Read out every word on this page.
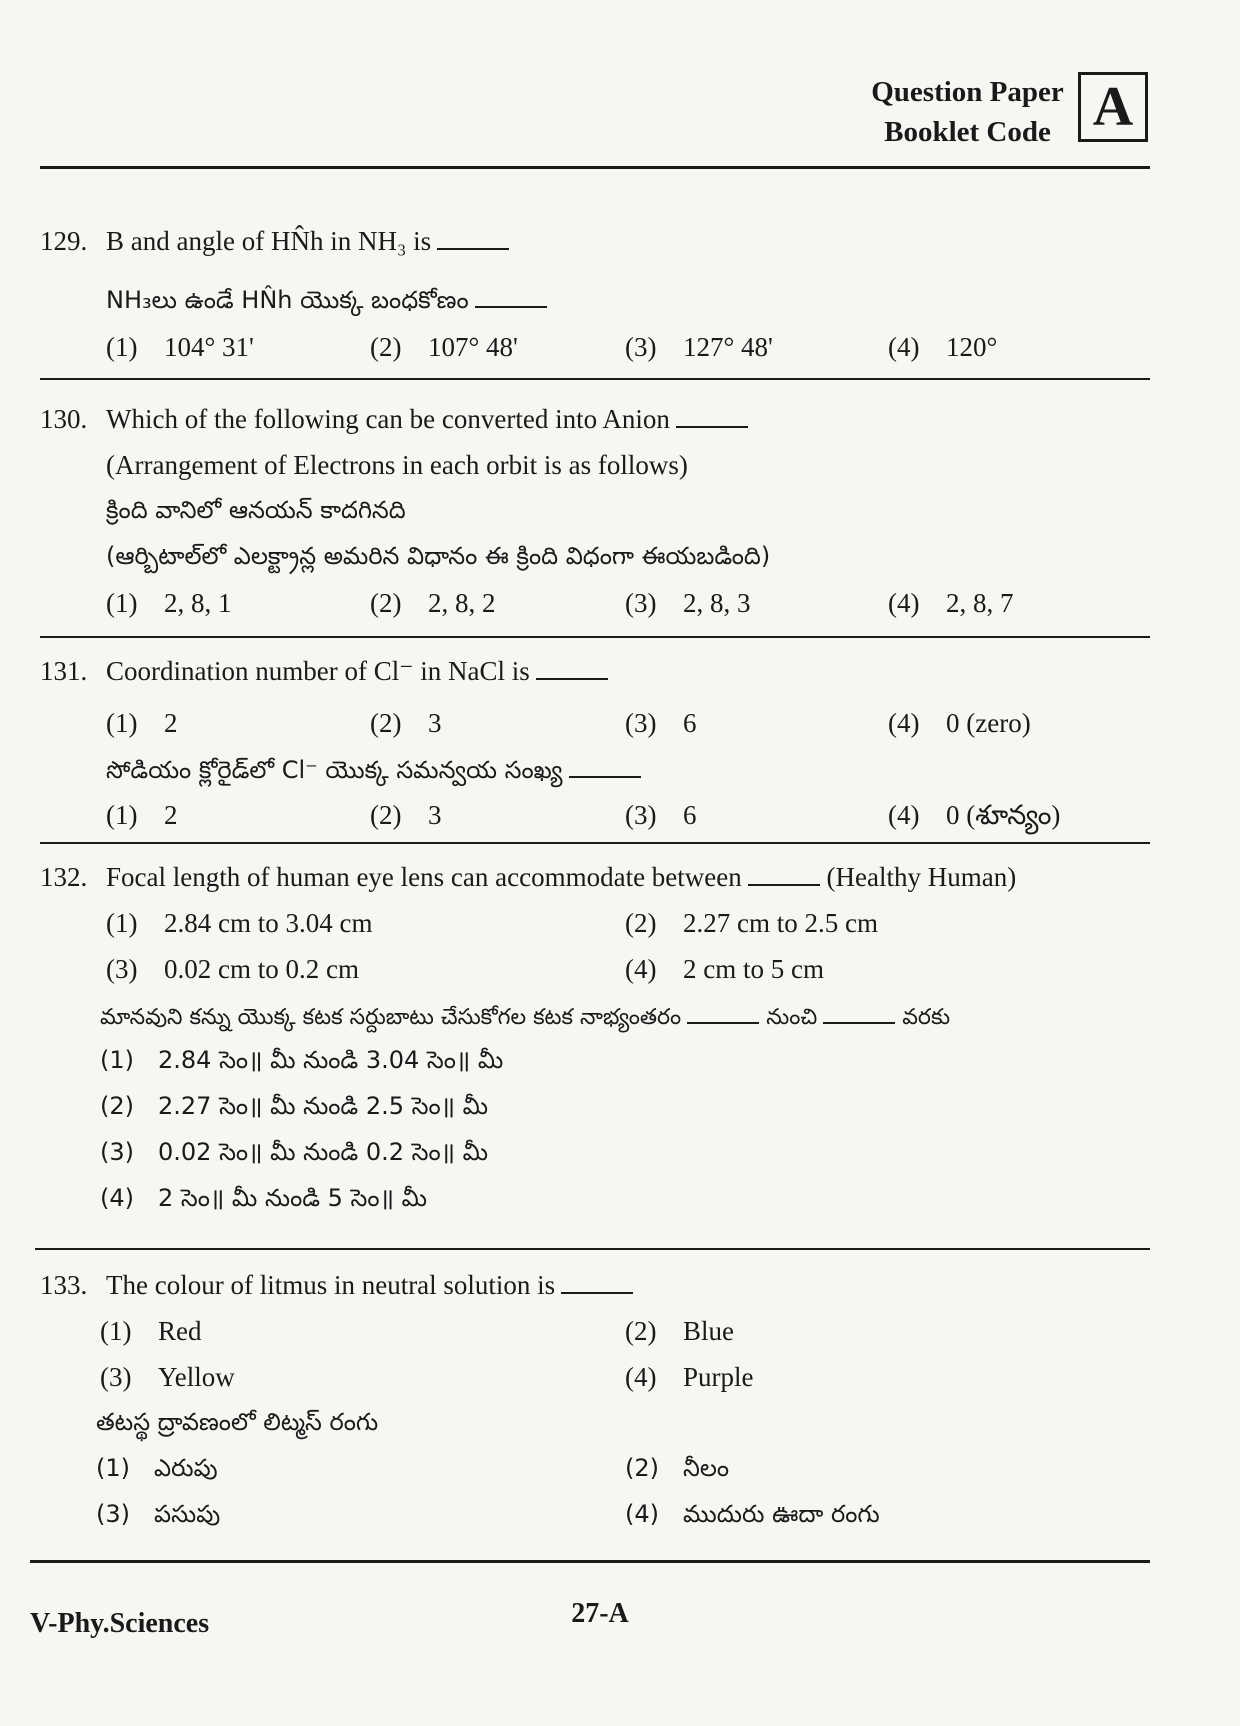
Question Paper
Booklet Code A
129. B and angle of HN̂h in NH₃ is
NH₃లు ఉండే HN̂h యొక్క బంధకోణం
(1) 104° 31'	(2) 107° 48'	(3) 127° 48'	(4) 120°
130. Which of the following can be converted into Anion
(Arrangement of Electrons in each orbit is as follows)
క్రింది వానిలో ఆనయన్ కాదగినది
(ఆర్బిటాల్‌లో ఎలక్ట్రాన్ల అమరిన విధానం ఈ క్రింది విధంగా ఈయబడింది)
(1) 2, 8, 1	(2) 2, 8, 2	(3) 2, 8, 3	(4) 2, 8, 7
131. Coordination number of Cl⁻ in NaCl is
(1) 2	(2) 3	(3) 6	(4) 0 (zero)
సోడియం క్లోరైడ్‌లో Cl⁻ యొక్క సమన్వయ సంఖ్య
(1) 2	(2) 3	(3) 6	(4) 0 (శూన్యం)
132. Focal length of human eye lens can accommodate between	(Healthy Human)
(1) 2.84 cm to 3.04 cm	(2) 2.27 cm to 2.5 cm
(3) 0.02 cm to 0.2 cm	(4) 2 cm to 5 cm
మానవుని కన్ను యొక్క కటక సర్దుబాటు చేసుకోగల కటక నాభ్యంతరం	నుంచి	వరకు
(1) 2.84 సెం॥ మీ నుండి 3.04 సెం॥ మీ
(2) 2.27 సెం॥ మీ నుండి 2.5 సెం॥ మీ
(3) 0.02 సెం॥ మీ నుండి 0.2 సెం॥ మీ
(4) 2 సెం॥ మీ నుండి 5 సెం॥ మీ
133. The colour of litmus in neutral solution is
(1) Red	(2) Blue
(3) Yellow	(4) Purple
తటస్థ ద్రావణంలో లిట్మస్ రంగు
(1) ఎరుపు	(2) నీలం
(3) పసుపు	(4) ముదురు ఊదా రంగు
V-Phy.Sciences	27-A
